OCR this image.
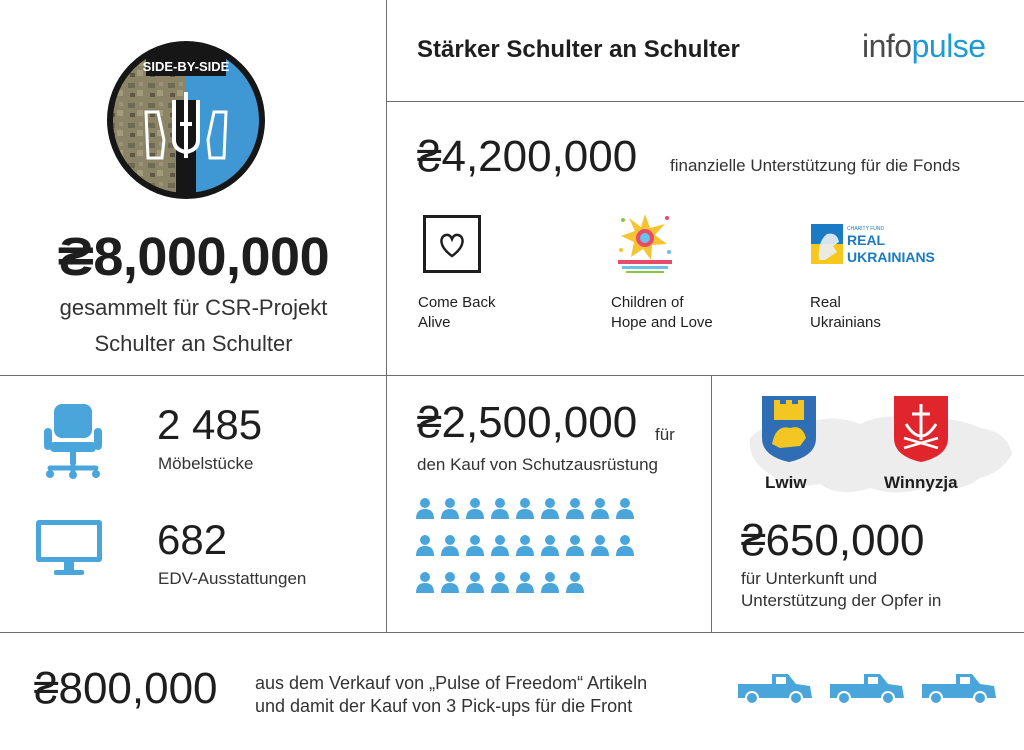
SIDE-BY-SIDE
₴8,000,000
gesammelt für CSR-Projekt
Schulter an Schulter
Stärker Schulter an Schulter	infopulse
₴4,200,000 finanzielle Unterstützung für die Fonds
Come Back
Alive
Children of
Hope and Love
CHARITY FUND
REAL
UKRAINIANS
Real
Ukrainians
2 485
Möbelstücke
682
EDV-Ausstattungen
₴2,500,000 für
den Kauf von Schutzausrüstung

Lwiw	Winnyzja
₴650,000
für Unterkunft und
Unterstützung der Opfer in
₴800,000 aus dem Verkauf von „Pulse of Freedom“ Artikeln
und damit der Kauf von 3 Pick-ups für die Front
